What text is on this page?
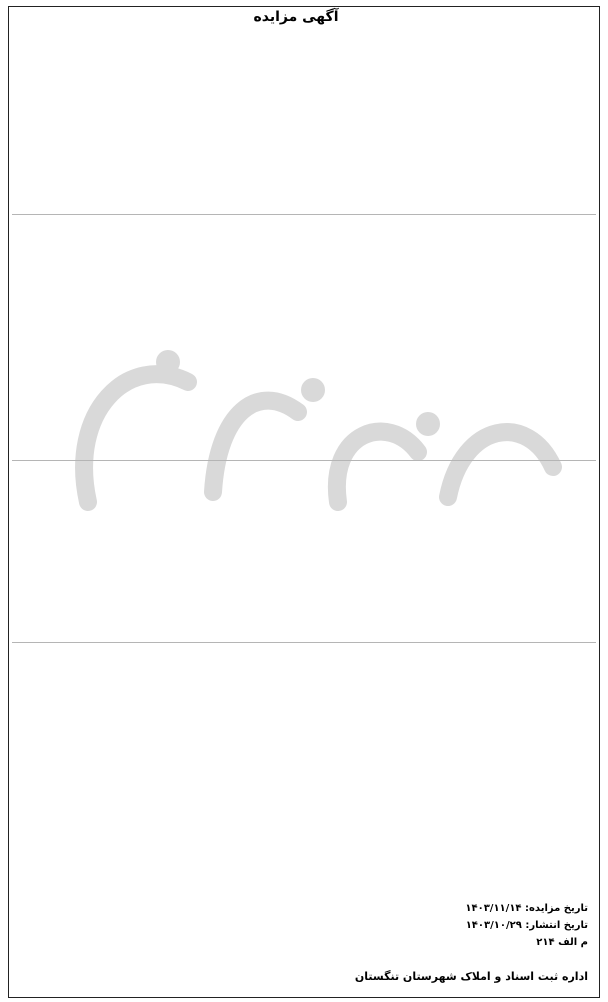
آگهی مزایده
تاریخ مزایده: ۱۴۰۳/۱۱/۱۴
تاریخ انتشار: ۱۴۰۳/۱۰/۲۹
م الف ۲۱۴
اداره ثبت اسناد و املاک شهرستان تنگستان
